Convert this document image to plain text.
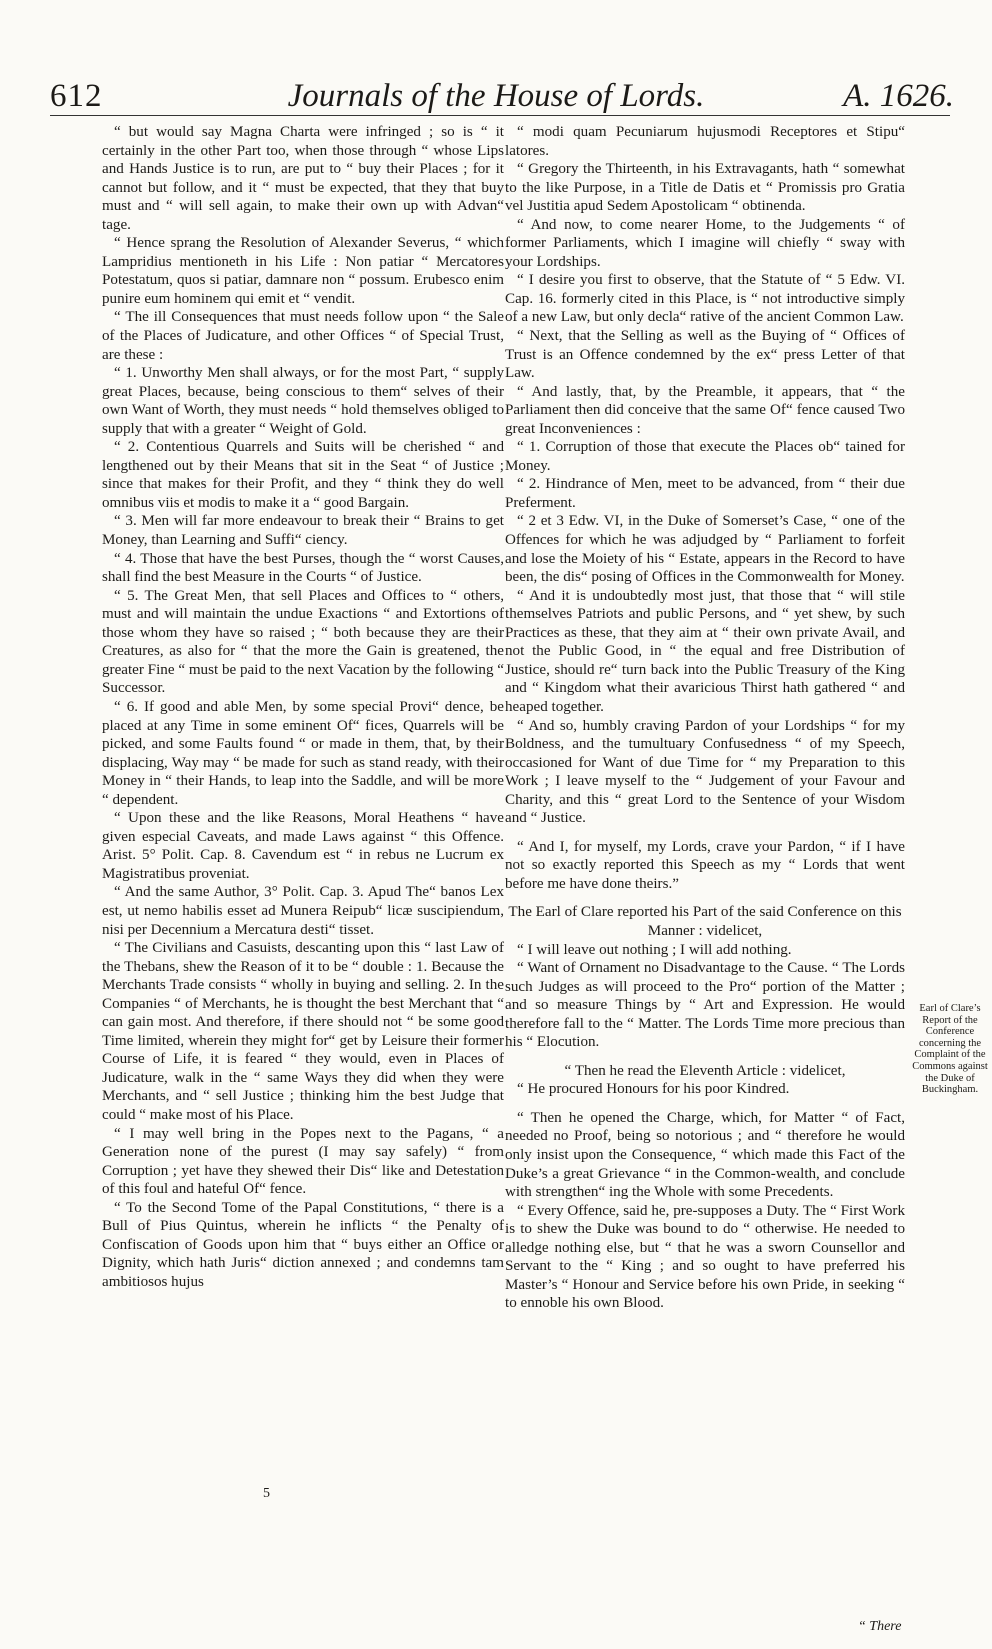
612	Journals of the House of Lords.	A. 1626.

“ but would say Magna Charta were infringed ; so is “ it certainly in the other Part too, when those through “ whose Lips and Hands Justice is to run, are put to “ buy their Places ; for it cannot but follow, and it “ must be expected, that they that buy must and “ will sell again, to make their own up with Advan“ tage.

“ Hence sprang the Resolution of Alexander Severus, “ which Lampridius mentioneth in his Life : Non patiar “ Mercatores Potestatum, quos si patiar, damnare non “ possum. Erubesco enim punire eum hominem qui emit et “ vendit.

“ The ill Consequences that must needs follow upon “ the Sale of the Places of Judicature, and other Offices “ of Special Trust, are these :

“ 1. Unworthy Men shall always, or for the most Part, “ supply great Places, because, being conscious to them“ selves of their own Want of Worth, they must needs “ hold themselves obliged to supply that with a greater “ Weight of Gold.

“ 2. Contentious Quarrels and Suits will be cherished “ and lengthened out by their Means that sit in the Seat “ of Justice ; since that makes for their Profit, and they “ think they do well omnibus viis et modis to make it a “ good Bargain.

“ 3. Men will far more endeavour to break their “ Brains to get Money, than Learning and Suffi“ ciency.

“ 4. Those that have the best Purses, though the “ worst Causes, shall find the best Measure in the Courts “ of Justice.

“ 5. The Great Men, that sell Places and Offices to “ others, must and will maintain the undue Exactions “ and Extortions of those whom they have so raised ; “ both because they are their Creatures, as also for “ that the more the Gain is greatened, the greater Fine “ must be paid to the next Vacation by the following “ Successor.

“ 6. If good and able Men, by some special Provi“ dence, be placed at any Time in some eminent Of“ fices, Quarrels will be picked, and some Faults found “ or made in them, that, by their displacing, Way may “ be made for such as stand ready, with their Money in “ their Hands, to leap into the Saddle, and will be more “ dependent.

“ Upon these and the like Reasons, Moral Heathens “ have given especial Caveats, and made Laws against “ this Offence. Arist. 5° Polit. Cap. 8. Cavendum est “ in rebus ne Lucrum ex Magistratibus proveniat.

“ And the same Author, 3° Polit. Cap. 3. Apud The“ banos Lex est, ut nemo habilis esset ad Munera Reipub“ licæ suscipiendum, nisi per Decennium a Mercatura desti“ tisset.

“ The Civilians and Casuists, descanting upon this “ last Law of the Thebans, shew the Reason of it to be “ double : 1. Because the Merchants Trade consists “ wholly in buying and selling. 2. In the Companies “ of Merchants, he is thought the best Merchant that “ can gain most. And therefore, if there should not “ be some good Time limited, wherein they might for“ get by Leisure their former Course of Life, it is feared “ they would, even in Places of Judicature, walk in the “ same Ways they did when they were Merchants, and “ sell Justice ; thinking him the best Judge that could “ make most of his Place.

“ I may well bring in the Popes next to the Pagans, “ a Generation none of the purest (I may say safely) “ from Corruption ; yet have they shewed their Dis“ like and Detestation of this foul and hateful Of“ fence.

“ To the Second Tome of the Papal Constitutions, “ there is a Bull of Pius Quintus, wherein he inflicts “ the Penalty of Confiscation of Goods upon him that “ buys either an Office or Dignity, which hath Juris“ diction annexed ; and condemns tam ambitiosos hujus

“ modi quam Pecuniarum hujusmodi Receptores et Stipu“ latores.

“ Gregory the Thirteenth, in his Extravagants, hath “ somewhat to the like Purpose, in a Title de Datis et “ Promissis pro Gratia vel Justitia apud Sedem Apostolicam “ obtinenda.

“ And now, to come nearer Home, to the Judgements “ of former Parliaments, which I imagine will chiefly “ sway with your Lordships.

“ I desire you first to observe, that the Statute of “ 5 Edw. VI. Cap. 16. formerly cited in this Place, is “ not introductive simply of a new Law, but only decla“ rative of the ancient Common Law.

“ Next, that the Selling as well as the Buying of “ Offices of Trust is an Offence condemned by the ex“ press Letter of that Law.

“ And lastly, that, by the Preamble, it appears, that “ the Parliament then did conceive that the same Of“ fence caused Two great Inconveniences :

“ 1. Corruption of those that execute the Places ob“ tained for Money.

“ 2. Hindrance of Men, meet to be advanced, from “ their due Preferment.

“ 2 et 3 Edw. VI, in the Duke of Somerset’s Case, “ one of the Offences for which he was adjudged by “ Parliament to forfeit and lose the Moiety of his “ Estate, appears in the Record to have been, the dis“ posing of Offices in the Commonwealth for Money.

“ And it is undoubtedly most just, that those that “ will stile themselves Patriots and public Persons, and “ yet shew, by such Practices as these, that they aim at “ their own private Avail, and not the Public Good, in “ the equal and free Distribution of Justice, should re“ turn back into the Public Treasury of the King and “ Kingdom what their avaricious Thirst hath gathered “ and heaped together.

“ And so, humbly craving Pardon of your Lordships “ for my Boldness, and the tumultuary Confusedness “ of my Speech, occasioned for Want of due Time for “ my Preparation to this Work ; I leave myself to the “ Judgement of your Favour and Charity, and this “ great Lord to the Sentence of your Wisdom and “ Justice.

“ And I, for myself, my Lords, crave your Pardon, “ if I have not so exactly reported this Speech as my “ Lords that went before me have done theirs.”

The Earl of Clare reported his Part of the said Conference on this Manner : videlicet,

“ I will leave out nothing ; I will add nothing.

“ Want of Ornament no Disadvantage to the Cause. “ The Lords such Judges as will proceed to the Pro“ portion of the Matter ; and so measure Things by “ Art and Expression. He would therefore fall to the “ Matter. The Lords Time more precious than his “ Elocution.

“ Then he read the Eleventh Article : videlicet,

“ He procured Honours for his poor Kindred.

“ Then he opened the Charge, which, for Matter “ of Fact, needed no Proof, being so notorious ; and “ therefore he would only insist upon the Consequence, “ which made this Fact of the Duke’s a great Grievance “ in the Common-wealth, and conclude with strengthen“ ing the Whole with some Precedents.

“ Every Offence, said he, pre-supposes a Duty. The “ First Work is to shew the Duke was bound to do “ otherwise. He needed to alledge nothing else, but “ that he was a sworn Counsellor and Servant to the “ King ; and so ought to have preferred his Master’s “ Honour and Service before his own Pride, in seeking “ to ennoble his own Blood.

Earl of Clare’s Report of the Conference concerning the Complaint of the Commons against the Duke of Buckingham.
5
“ There
